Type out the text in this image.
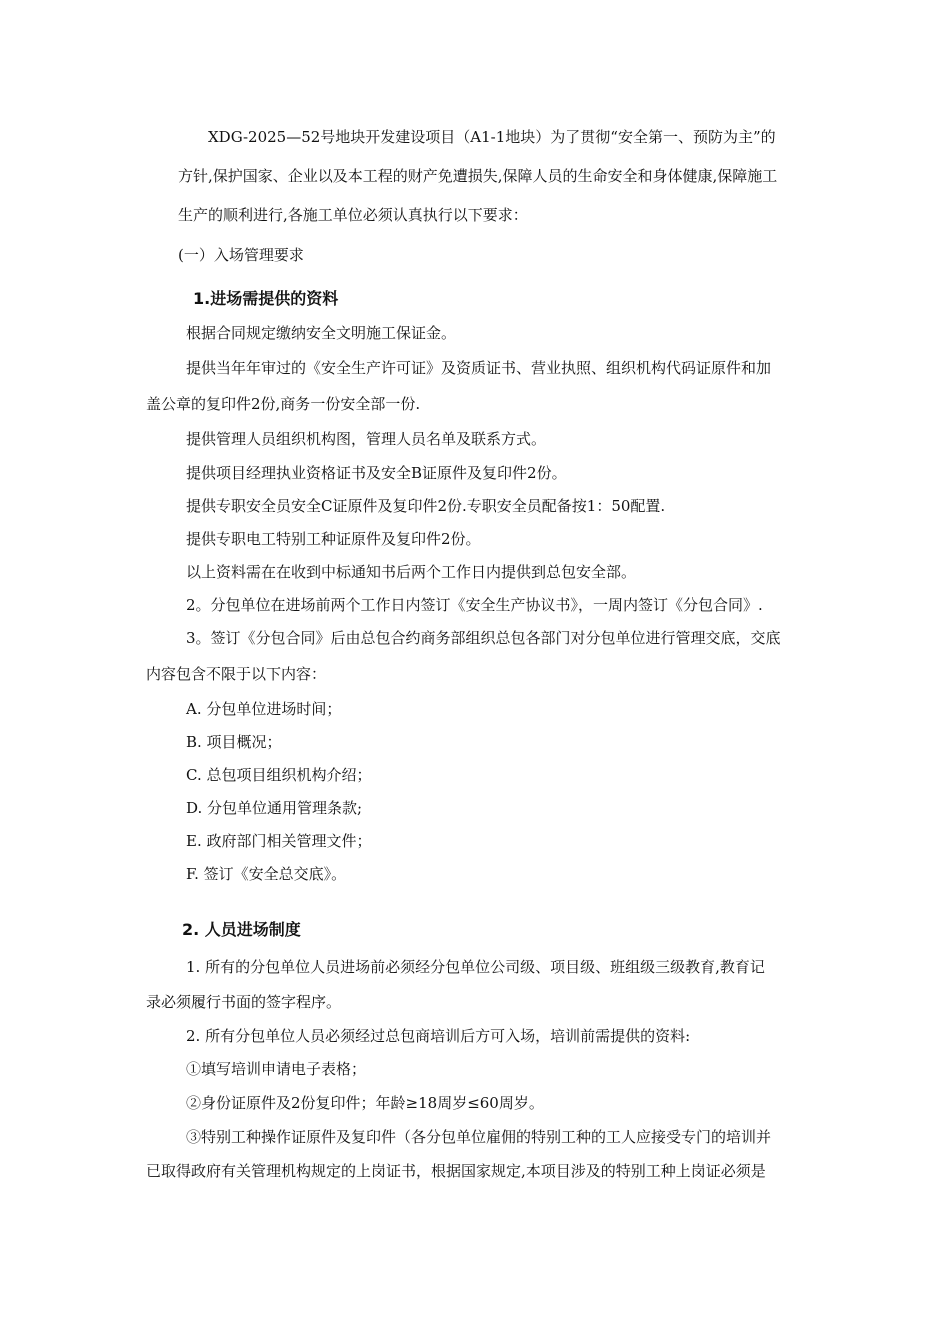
XDG-2025—52号地块开发建设项目（A1-1地块）为了贯彻“安全第一、预防为主”的
方针,保护国家、企业以及本工程的财产免遭损失,保障人员的生命安全和身体健康,保障施工
生产的顺利进行,各施工单位必须认真执行以下要求：
(一）入场管理要求
1.进场需提供的资料
根据合同规定缴纳安全文明施工保证金。
提供当年年审过的《安全生产许可证》及资质证书、营业执照、组织机构代码证原件和加
盖公章的复印件2份,商务一份安全部一份.
提供管理人员组织机构图，管理人员名单及联系方式。
提供项目经理执业资格证书及安全B证原件及复印件2份。
提供专职安全员安全C证原件及复印件2份.专职安全员配备按1：50配置.
提供专职电工特别工种证原件及复印件2份。
以上资料需在在收到中标通知书后两个工作日内提供到总包安全部。
2。分包单位在进场前两个工作日内签订《安全生产协议书》，一周内签订《分包合同》.
3。签订《分包合同》后由总包合约商务部组织总包各部门对分包单位进行管理交底，交底
内容包含不限于以下内容：
A. 分包单位进场时间；
B. 项目概况；
C. 总包项目组织机构介绍；
D. 分包单位通用管理条款;
E. 政府部门相关管理文件；
F. 签订《安全总交底》。
2. 人员进场制度
1. 所有的分包单位人员进场前必须经分包单位公司级、项目级、班组级三级教育,教育记
录必须履行书面的签字程序。
2. 所有分包单位人员必须经过总包商培训后方可入场，培训前需提供的资料:
①填写培训申请电子表格；
②身份证原件及2份复印件；年龄≥18周岁≤60周岁。
③特别工种操作证原件及复印件（各分包单位雇佣的特别工种的工人应接受专门的培训并
已取得政府有关管理机构规定的上岗证书，根据国家规定,本项目涉及的特别工种上岗证必须是
